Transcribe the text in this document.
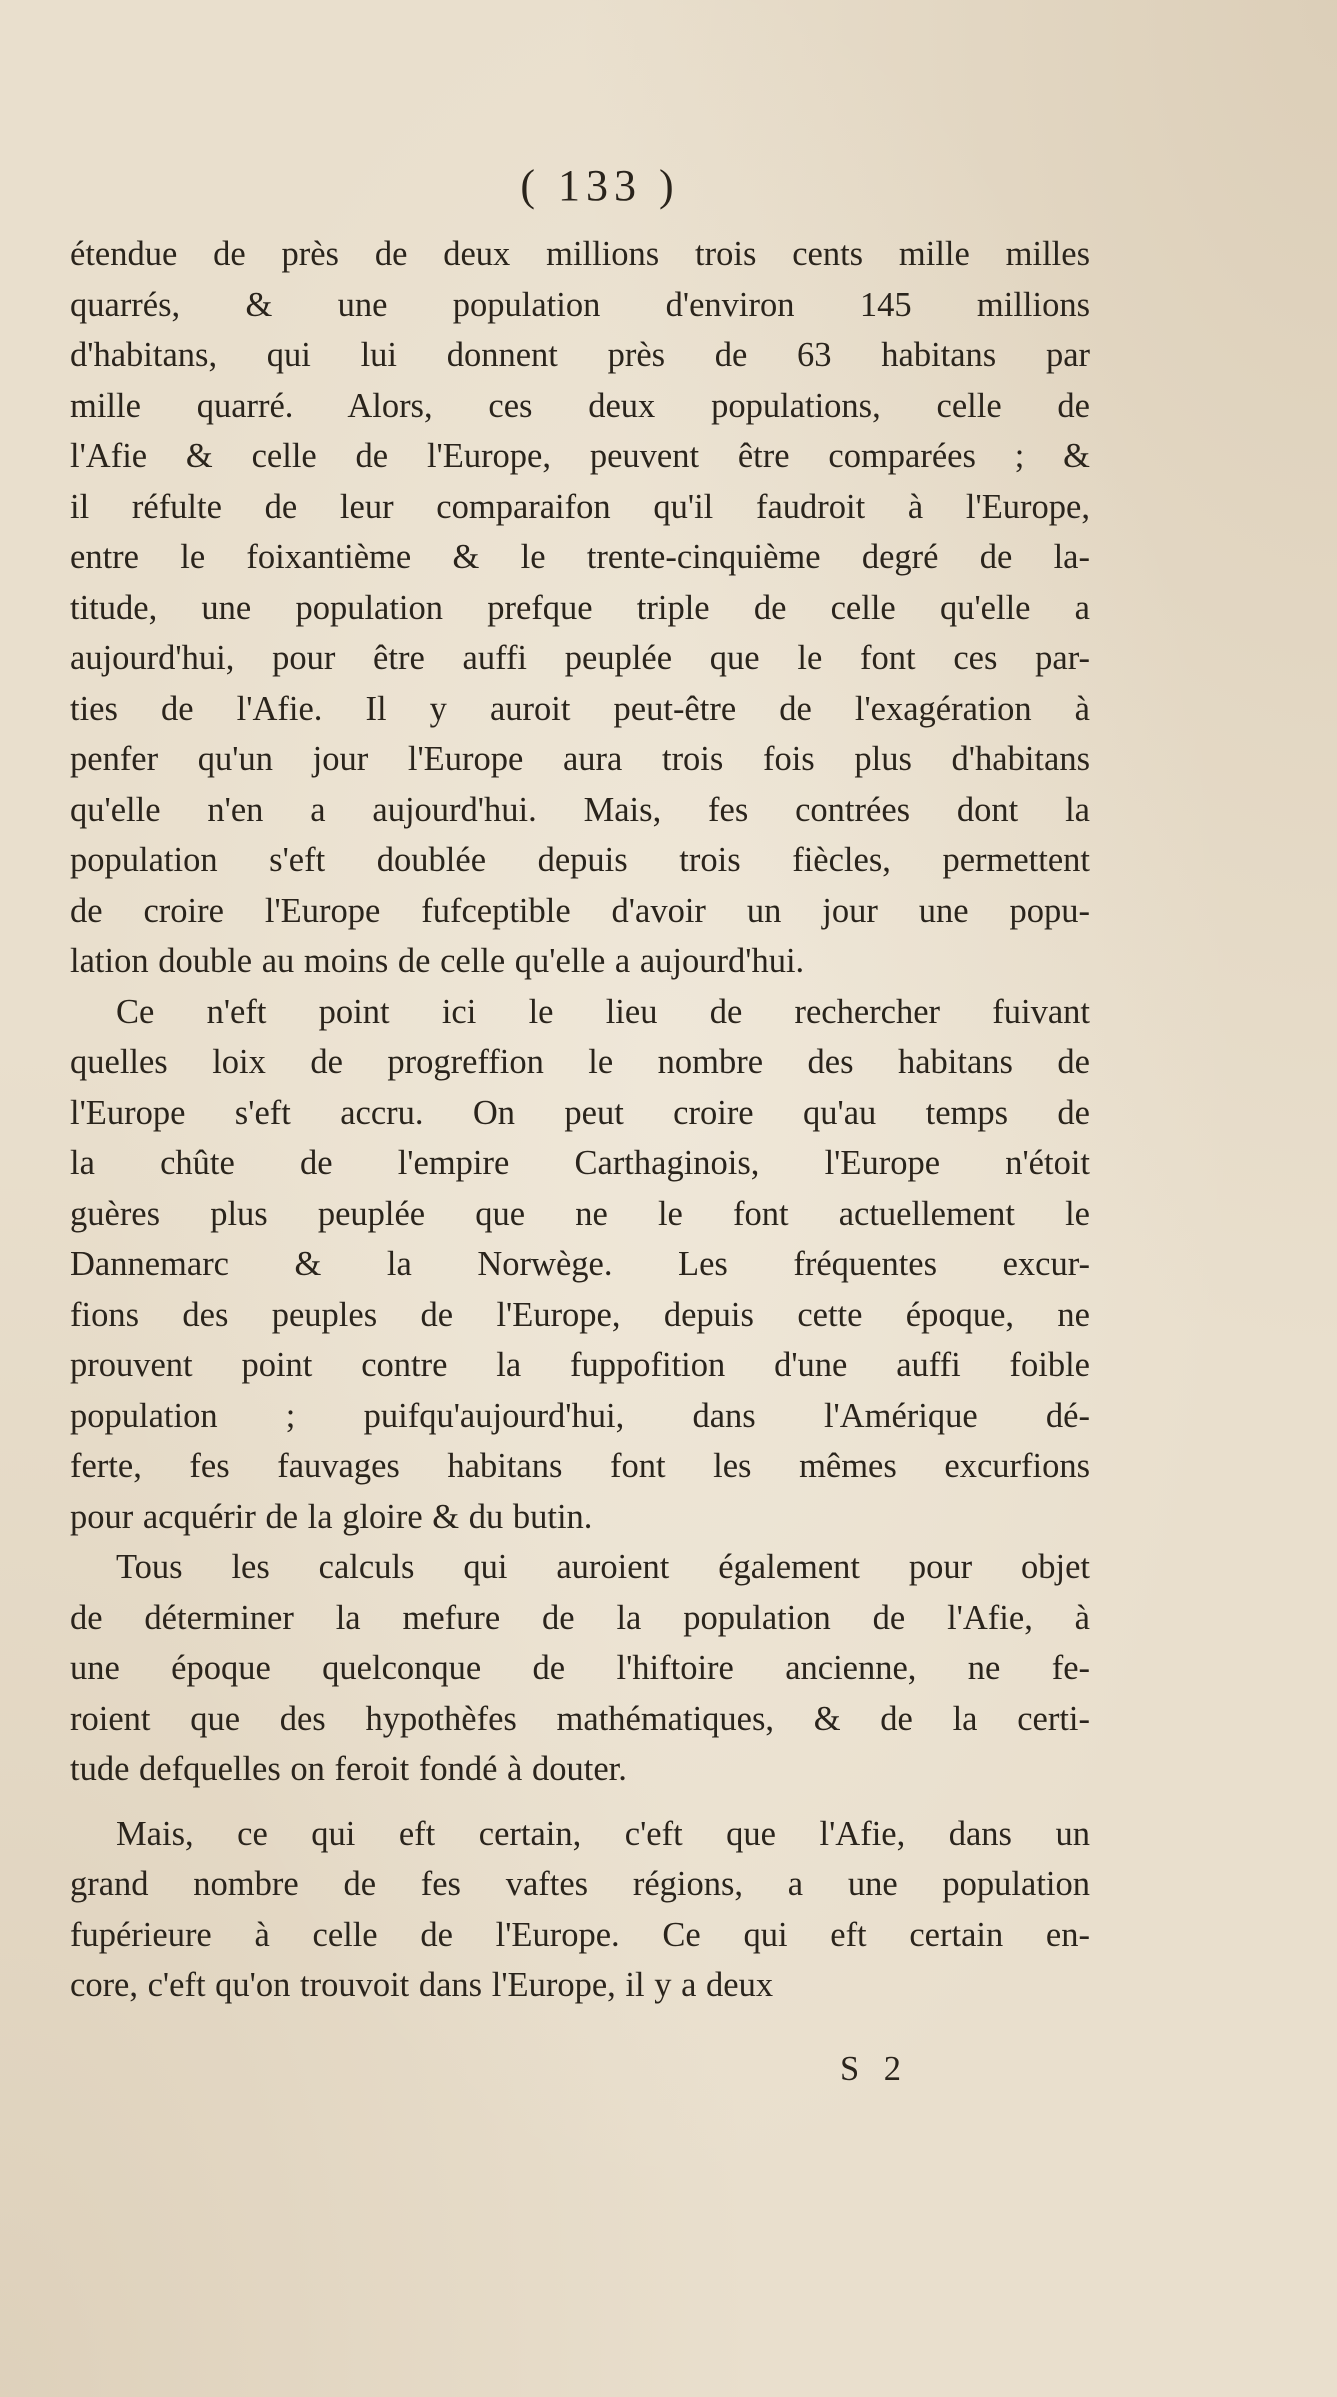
( 133 )

étendue de près de deux millions trois cents mille milles
quarrés, & une population d'environ 145 millions
d'habitans, qui lui donnent près de 63 habitans par
mille quarré. Alors, ces deux populations, celle de
l'Afie & celle de l'Europe, peuvent être comparées ; &
il réfulte de leur comparaifon qu'il faudroit à l'Europe,
entre le foixantième & le trente-cinquième degré de la-
titude, une population prefque triple de celle qu'elle a
aujourd'hui, pour être auffi peuplée que le font ces par-
ties de l'Afie. Il y auroit peut-être de l'exagération à
penfer qu'un jour l'Europe aura trois fois plus d'habitans
qu'elle n'en a aujourd'hui. Mais, fes contrées dont la
population s'eft doublée depuis trois fiècles, permettent
de croire l'Europe fufceptible d'avoir un jour une popu-
lation double au moins de celle qu'elle a aujourd'hui.

Ce n'eft point ici le lieu de rechercher fuivant
quelles loix de progreffion le nombre des habitans de
l'Europe s'eft accru. On peut croire qu'au temps de
la chûte de l'empire Carthaginois, l'Europe n'étoit
guères plus peuplée que ne le font actuellement le
Dannemarc & la Norwège. Les fréquentes excur-
fions des peuples de l'Europe, depuis cette époque, ne
prouvent point contre la fuppofition d'une auffi foible
population ; puifqu'aujourd'hui, dans l'Amérique dé-
ferte, fes fauvages habitans font les mêmes excurfions
pour acquérir de la gloire & du butin.

Tous les calculs qui auroient également pour objet
de déterminer la mefure de la population de l'Afie, à
une époque quelconque de l'hiftoire ancienne, ne fe-
roient que des hypothèfes mathématiques, & de la certi-
tude defquelles on feroit fondé à douter.

Mais, ce qui eft certain, c'eft que l'Afie, dans un
grand nombre de fes vaftes régions, a une population
fupérieure à celle de l'Europe. Ce qui eft certain en-
core, c'eft qu'on trouvoit dans l'Europe, il y a deux

S 2
